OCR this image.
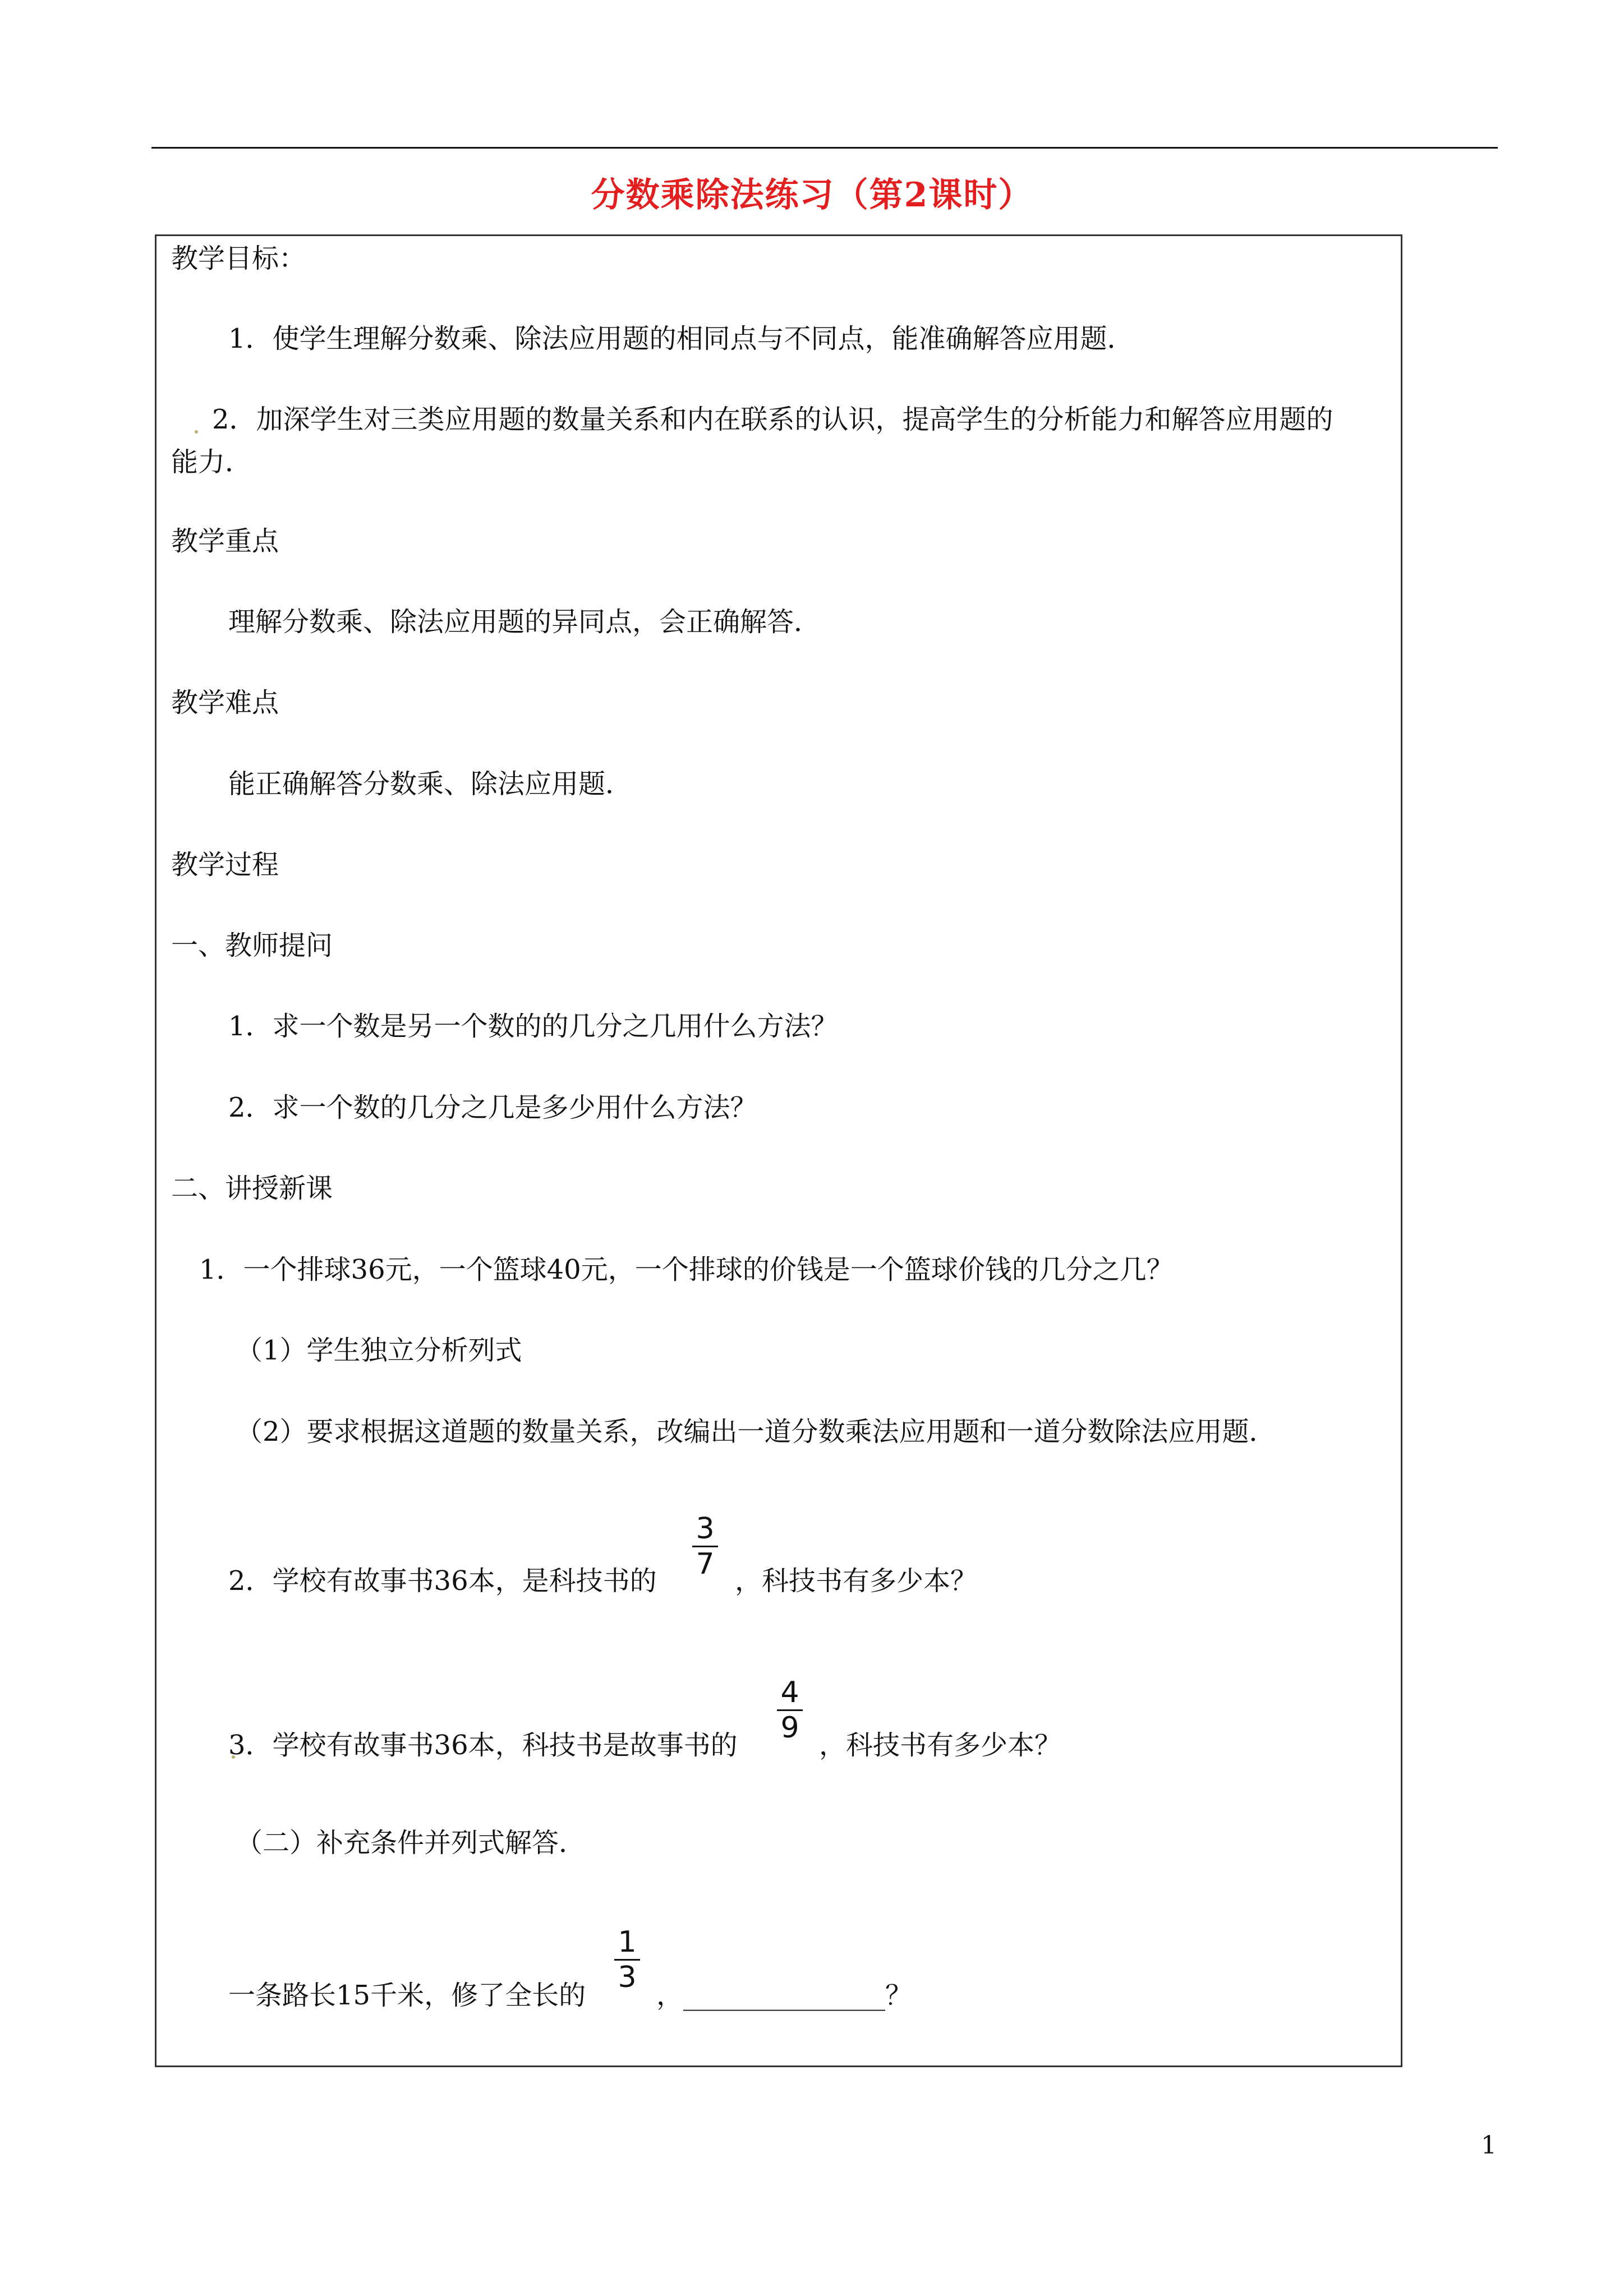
分数乘除法练习（第2课时）
教学目标：
1．使学生理解分数乘、除法应用题的相同点与不同点，能准确解答应用题．
2．加深学生对三类应用题的数量关系和内在联系的认识，提高学生的分析能力和解答应用题的
能力．
教学重点
理解分数乘、除法应用题的异同点，会正确解答．
教学难点
能正确解答分数乘、除法应用题．
教学过程
一、教师提问
1．求一个数是另一个数的的几分之几用什么方法？
2．求一个数的几分之几是多少用什么方法？
二、讲授新课
1．一个排球36元，一个篮球40元，一个排球的价钱是一个篮球价钱的几分之几？
（1）学生独立分析列式
（2）要求根据这道题的数量关系，改编出一道分数乘法应用题和一道分数除法应用题．
2．学校有故事书36本，是科技书的
3
7 ，科技书有多少本？
3．学校有故事书36本，科技书是故事书的
4
9
，科技书有多少本？
（二）补充条件并列式解答．
一条路长15千米，修了全长的
1
3
，_______________？
1
